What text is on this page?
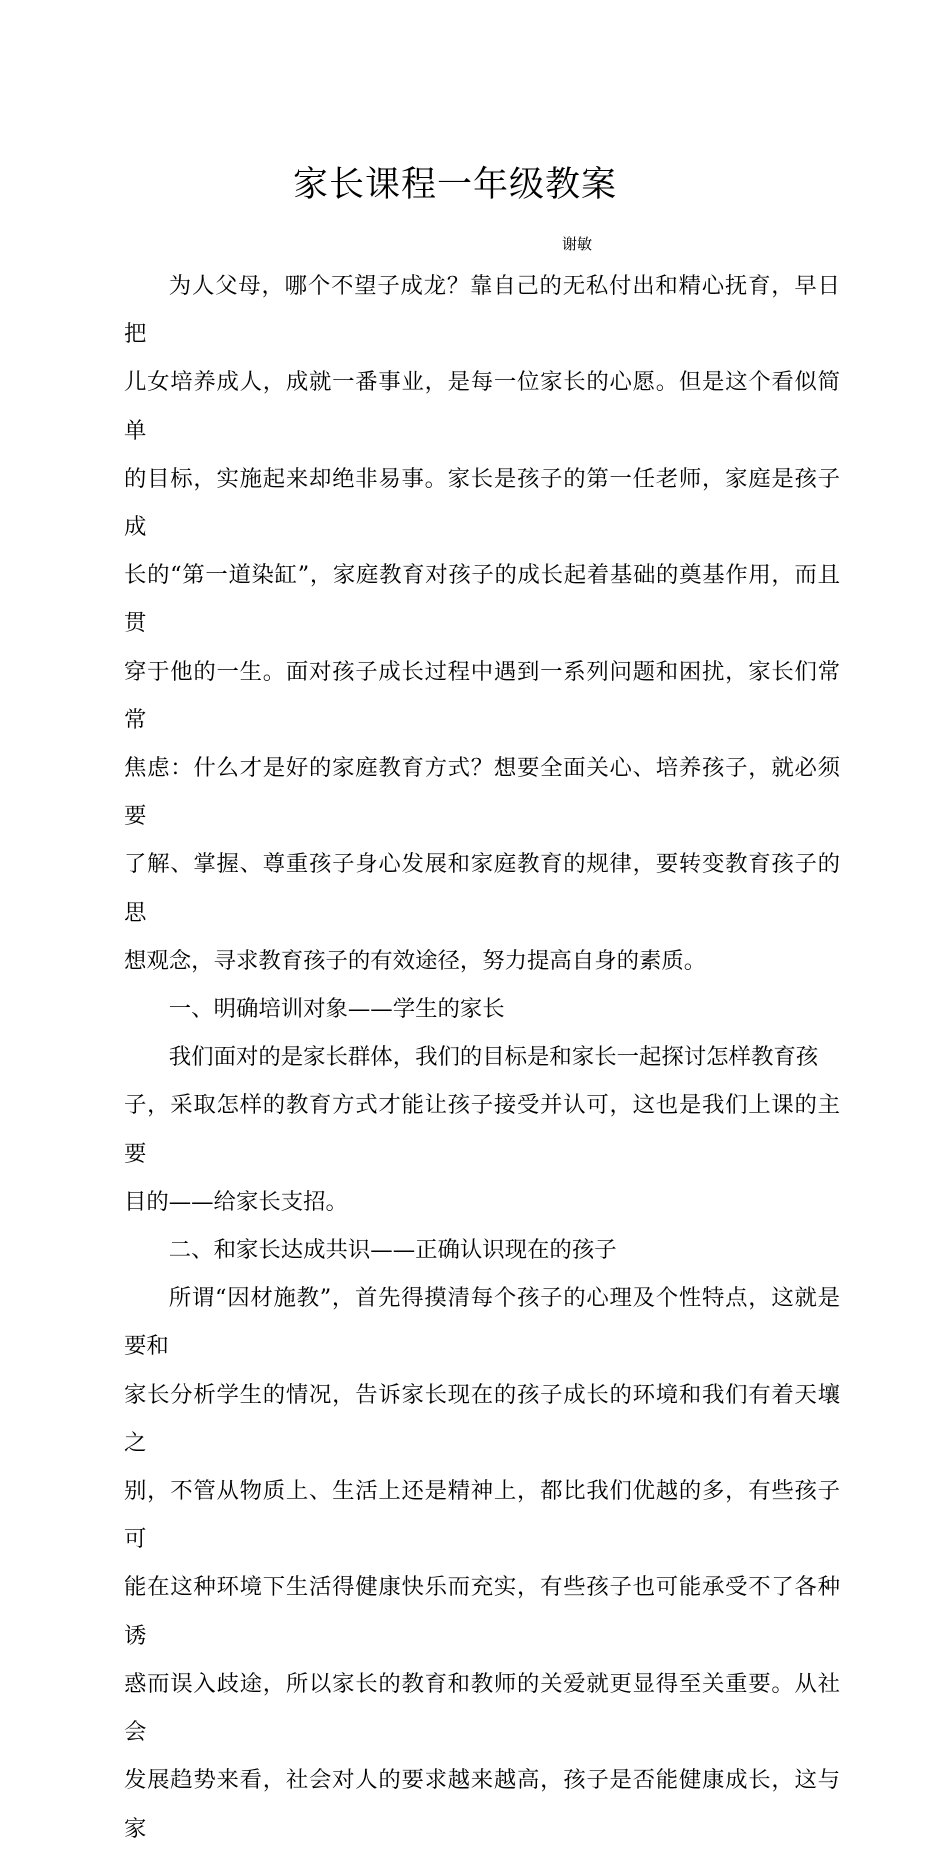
家长课程一年级教案
谢敏

为人父母，哪个不望子成龙？靠自己的无私付出和精心抚育，早日把
儿女培养成人，成就一番事业，是每一位家长的心愿。但是这个看似简单
的目标，实施起来却绝非易事。家长是孩子的第一任老师，家庭是孩子成
长的“第一道染缸”，家庭教育对孩子的成长起着基础的奠基作用，而且贯
穿于他的一生。面对孩子成长过程中遇到一系列问题和困扰，家长们常常
焦虑：什么才是好的家庭教育方式？想要全面关心、培养孩子，就必须要
了解、掌握、尊重孩子身心发展和家庭教育的规律，要转变教育孩子的思
想观念，寻求教育孩子的有效途径，努力提高自身的素质。

一、明确培训对象——学生的家长

我们面对的是家长群体，我们的目标是和家长一起探讨怎样教育孩
子，采取怎样的教育方式才能让孩子接受并认可，这也是我们上课的主要
目的——给家长支招。

二、和家长达成共识——正确认识现在的孩子

所谓“因材施教”，首先得摸清每个孩子的心理及个性特点，这就是要和
家长分析学生的情况，告诉家长现在的孩子成长的环境和我们有着天壤之
别，不管从物质上、生活上还是精神上，都比我们优越的多，有些孩子可
能在这种环境下生活得健康快乐而充实，有些孩子也可能承受不了各种诱
惑而误入歧途，所以家长的教育和教师的关爱就更显得至关重要。从社会
发展趋势来看，社会对人的要求越来越高，孩子是否能健康成长，这与家
